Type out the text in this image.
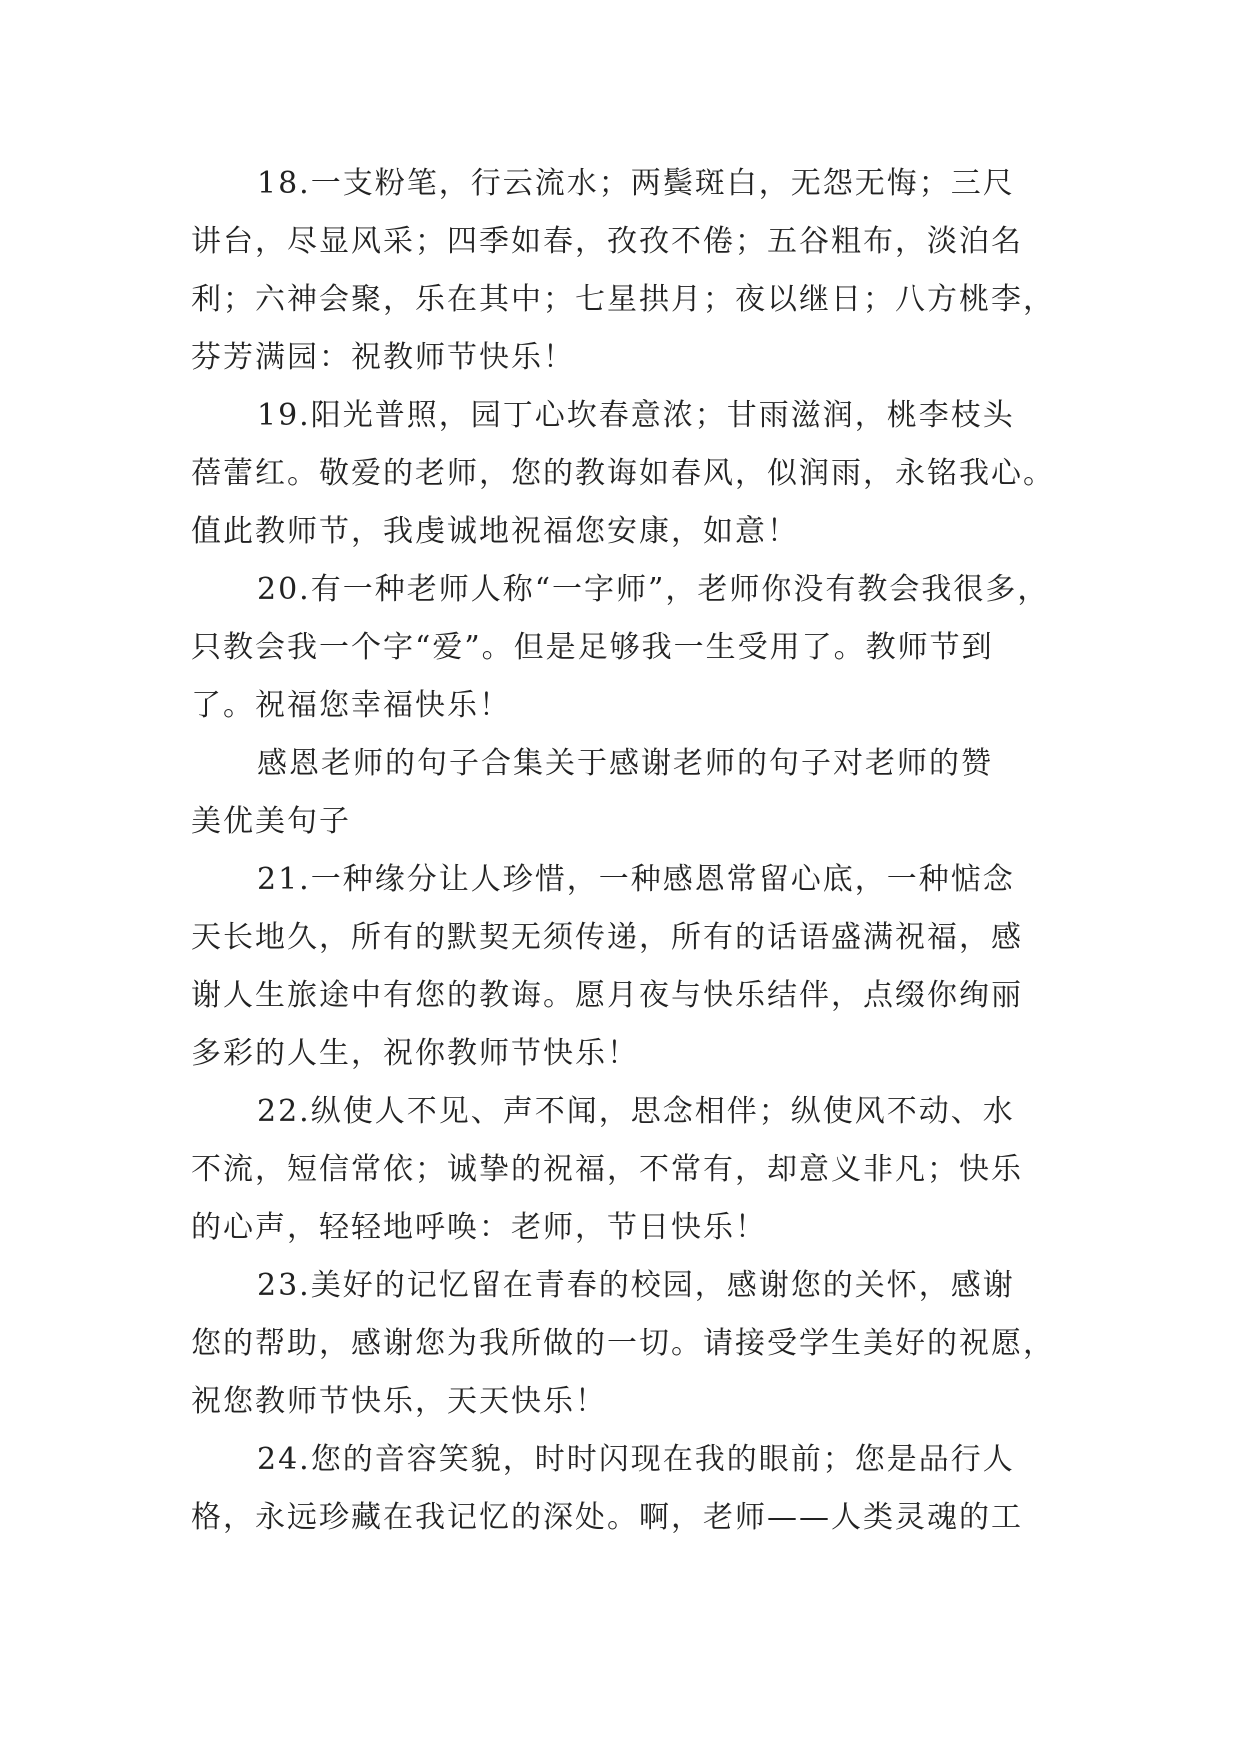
18.一支粉笔，行云流水；两鬓斑白，无怨无悔；三尺
讲台，尽显风采；四季如春，孜孜不倦；五谷粗布，淡泊名
利；六神会聚，乐在其中；七星拱月；夜以继日；八方桃李，
芬芳满园：祝教师节快乐！

19.阳光普照，园丁心坎春意浓；甘雨滋润，桃李枝头
蓓蕾红。敬爱的老师，您的教诲如春风，似润雨，永铭我心。
值此教师节，我虔诚地祝福您安康，如意！

20.有一种老师人称“一字师”，老师你没有教会我很多，
只教会我一个字“爱”。但是足够我一生受用了。教师节到
了。祝福您幸福快乐！

感恩老师的句子合集关于感谢老师的句子对老师的赞
美优美句子

21.一种缘分让人珍惜，一种感恩常留心底，一种惦念
天长地久，所有的默契无须传递，所有的话语盛满祝福，感
谢人生旅途中有您的教诲。愿月夜与快乐结伴，点缀你绚丽
多彩的人生，祝你教师节快乐！

22.纵使人不见、声不闻，思念相伴；纵使风不动、水
不流，短信常依；诚挚的祝福，不常有，却意义非凡；快乐
的心声，轻轻地呼唤：老师，节日快乐！

23.美好的记忆留在青春的校园，感谢您的关怀，感谢
您的帮助，感谢您为我所做的一切。请接受学生美好的祝愿，
祝您教师节快乐，天天快乐！

24.您的音容笑貌，时时闪现在我的眼前；您是品行人
格，永远珍藏在我记忆的深处。啊，老师——人类灵魂的工
